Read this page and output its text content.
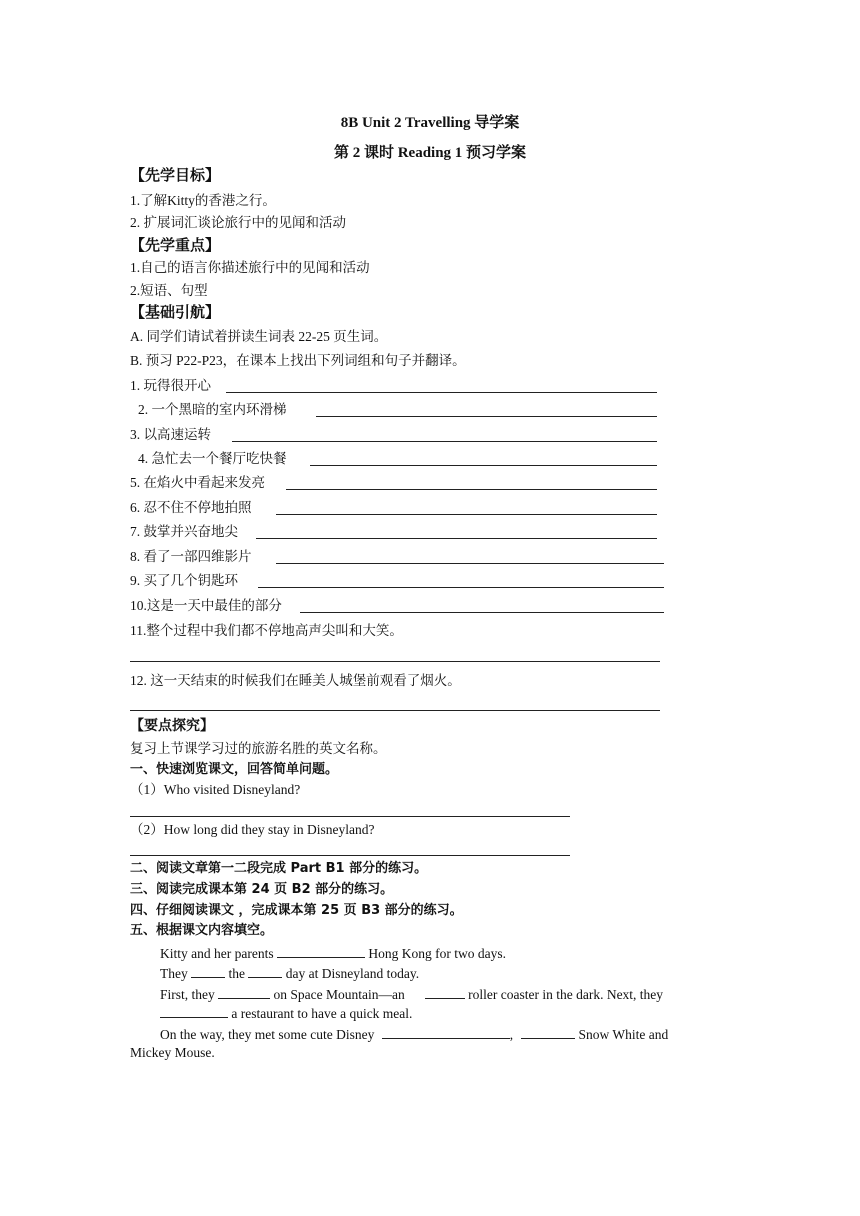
8B Unit 2 Travelling 导学案
第 2 课时 Reading 1 预习学案
【先学目标】
1.了解Kitty的香港之行。
2. 扩展词汇谈论旅行中的见闻和活动
【先学重点】
1.自己的语言你描述旅行中的见闻和活动
2.短语、句型
【基础引航】
A. 同学们请试着拼读生词表 22-25 页生词。
B. 预习 P22-P23，在课本上找出下列词组和句子并翻译。
1. 玩得很开心
2. 一个黑暗的室内环滑梯
3. 以高速运转
4. 急忙去一个餐厅吃快餐
5. 在焰火中看起来发亮
6. 忍不住不停地拍照
7. 鼓掌并兴奋地尖
8. 看了一部四维影片
9. 买了几个钥匙环
10.这是一天中最佳的部分
11.整个过程中我们都不停地高声尖叫和大笑。
12. 这一天结束的时候我们在睡美人城堡前观看了烟火。
【要点探究】
复习上节课学习过的旅游名胜的英文名称。
一、快速浏览课文，回答简单问题。
（1）Who visited Disneyland?
（2）How long did they stay in Disneyland?
二、阅读文章第一二段完成 Part B1 部分的练习。
三、阅读完成课本第 24 页 B2 部分的练习。
四、仔细阅读课文 ，完成课本第 25 页 B3 部分的练习。
五、根据课文内容填空。
Kitty and her parents	Hong Kong for two days.
They	the	day at Disneyland today.
First, they	on Space Mountain—an	roller coaster in the dark. Next, they
a restaurant to have a quick meal.
On the way, they met some cute Disney	,	Snow White and
Mickey Mouse.
